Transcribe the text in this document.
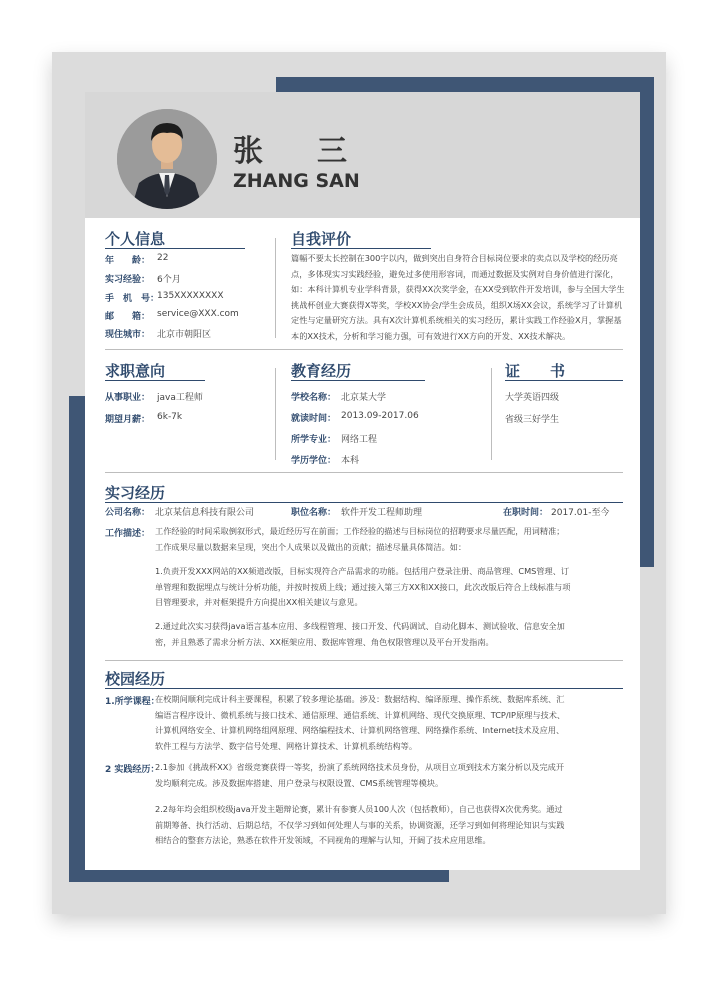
张　三
ZHANG SAN
个人信息
年　　龄： 22
实习经验： 6个月
手　机　号：
135XXXXXXXX
邮　　箱： service@XXX.com
现住城市： 北京市朝阳区
自我评价
篇幅不要太长控制在300字以内，做到突出自身符合目标岗位要求的卖点以及学校的经历亮
点，多体现实习实践经验，避免过多使用形容词，而通过数据及实例对自身价值进行深化，
如：本科计算机专业学科背景，获得XX次奖学金，在XX受到软件开发培训，参与全国大学生
挑战杯创业大赛获得X等奖，学校XX协会/学生会成员，组织X场XX会议，系统学习了计算机
定性与定量研究方法。具有X次计算机系统相关的实习经历，累计实践工作经验X月，掌握基
本的XX技术，分析和学习能力强，可有效进行XX方向的开发、XX技术解决。
求职意向
从事职业： java工程师
期望月薪： 6k-7k
教育经历
学校名称： 北京某大学
就读时间： 2013.09-2017.06
所学专业： 网络工程
学历学位： 本科
证　　书
大学英语四级
省级三好学生
实习经历
公司名称： 北京某信息科技有限公司	职位名称： 软件开发工程师助理	在职时间： 2017.01-至今
工作描述： 工作经验的时间采取倒叙形式，最近经历写在前面；工作经验的描述与目标岗位的招聘要求尽量匹配，用词精准；
工作成果尽量以数据来呈现，突出个人成果以及做出的贡献；描述尽量具体简洁。如：
1.负责开发XXX网站的XX频道改版，目标实现符合产品需求的功能。包括用户登录注册、商品管理、CMS管理、订
单管理和数据埋点与统计分析功能，并按时按质上线；通过接入第三方XX和XX接口，此次改版后符合上线标准与项
目管理要求，并对框架提升方向提出XX相关建议与意见。
2.通过此次实习获得java语言基本应用、多线程管理、接口开发、代码调试、自动化脚本、测试验收、信息安全加
密，并且熟悉了需求分析方法、XX框架应用、数据库管理、角色权限管理以及平台开发指南。
校园经历
1.所学课程：
在校期间顺利完成计科主要课程，积累了较多理论基础。涉及：数据结构、编译原理、操作系统、数据库系统、汇
编语言程序设计、微机系统与接口技术、通信原理、通信系统、计算机网络、现代交换原理、TCP/IP原理与技术、
计算机网络安全、计算机网络组网原理、网络编程技术、计算机网络管理、网络操作系统、Internet技术及应用、
软件工程与方法学、数字信号处理、网格计算技术、计算机系统结构等。
2 实践经历：
2.1参加《挑战杯XX》省级竞赛获得一等奖，扮演了系统网络技术员身份，从项目立项到技术方案分析以及完成开
发均顺利完成。涉及数据库搭建、用户登录与权限设置、CMS系统管理等模块。
2.2每年均会组织校级java开发主题辩论赛，累计有参赛人员100人次（包括教师），自己也获得X次优秀奖。通过
前期筹备、执行活动、后期总结，不仅学习到如何处理人与事的关系，协调资源，还学习到如何将理论知识与实践
相结合的整套方法论，熟悉在软件开发领域，不同视角的理解与认知，开阔了技术应用思维。
